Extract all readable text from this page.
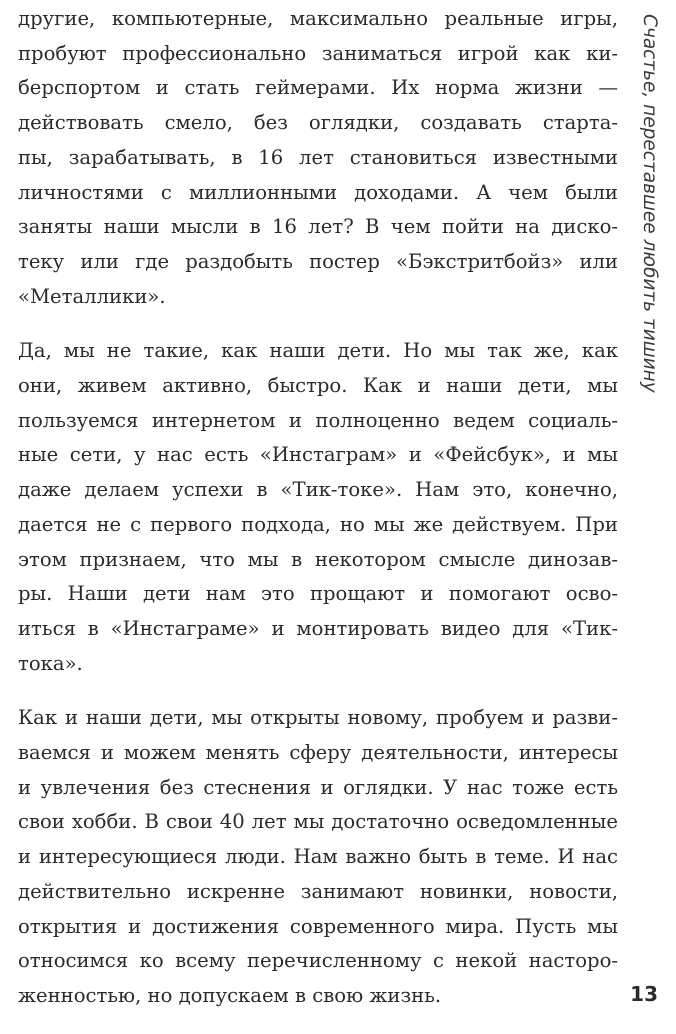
другие, компьютерные, максимально реальные игры,
пробуют профессионально заниматься игрой как ки-
берспортом и стать геймерами. Их норма жизни —
действовать смело, без оглядки, создавать старта-
пы, зарабатывать, в 16 лет становиться известными
личностями с миллионными доходами. А чем были
заняты наши мысли в 16 лет? В чем пойти на диско-
теку или где раздобыть постер «Бэкстритбойз» или
«Металлики».

Да, мы не такие, как наши дети. Но мы так же, как
они, живем активно, быстро. Как и наши дети, мы
пользуемся интернетом и полноценно ведем социаль-
ные сети, у нас есть «Инстаграм» и «Фейсбук», и мы
даже делаем успехи в «Тик-токе». Нам это, конечно,
дается не с первого подхода, но мы же действуем. При
этом признаем, что мы в некотором смысле динозав-
ры. Наши дети нам это прощают и помогают осво-
иться в «Инстаграме» и монтировать видео для «Тик-
тока».

Как и наши дети, мы открыты новому, пробуем и разви-
ваемся и можем менять сферу деятельности, интересы
и увлечения без стеснения и оглядки. У нас тоже есть
свои хобби. В свои 40 лет мы достаточно осведомленные
и интересующиеся люди. Нам важно быть в теме. И нас
действительно искренне занимают новинки, новости,
открытия и достижения современного мира. Пусть мы
относимся ко всему перечисленному с некой насторо-
женностью, но допускаем в свою жизнь.

Счастье, переставшее любить тишину
13
